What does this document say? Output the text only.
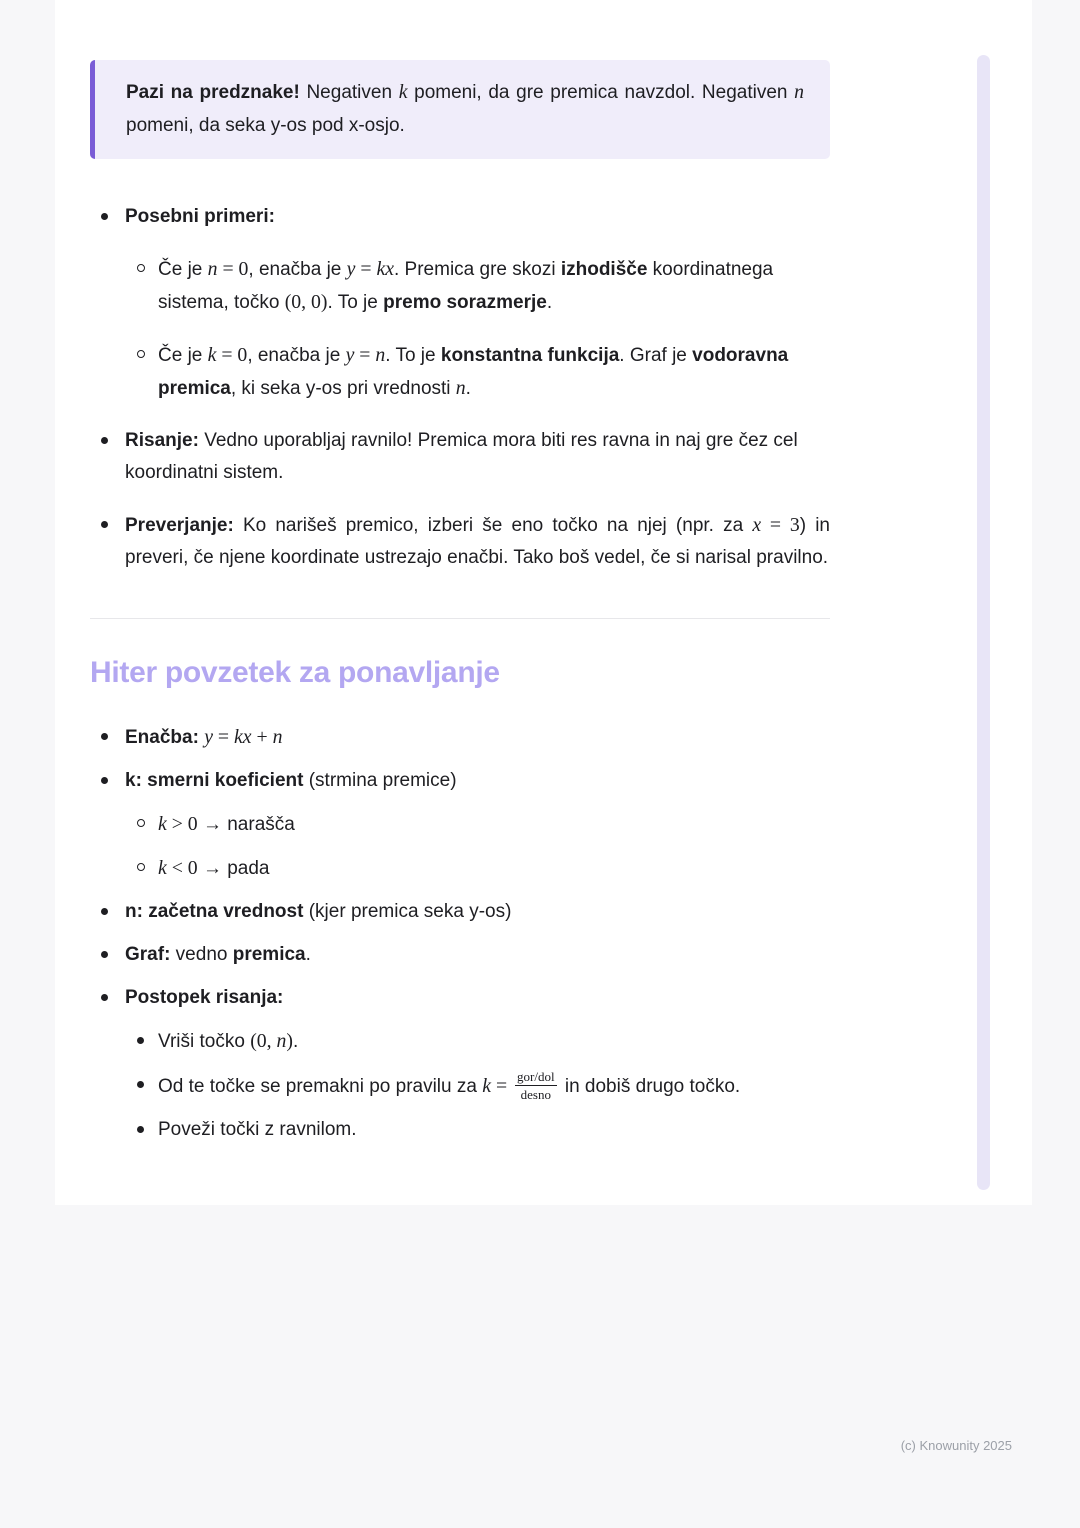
Pazi na predznake! Negativen k pomeni, da gre premica navzdol. Negativen n pomeni, da seka y-os pod x-osjo.

Posebni primeri:
Če je n = 0, enačba je y = kx. Premica gre skozi izhodišče koordinatnega sistema, točko (0, 0). To je premo sorazmerje.
Če je k = 0, enačba je y = n. To je konstantna funkcija. Graf je vodoravna premica, ki seka y-os pri vrednosti n.
Risanje: Vedno uporabljaj ravnilo! Premica mora biti res ravna in naj gre čez cel koordinatni sistem.
Preverjanje: Ko narišeš premico, izberi še eno točko na njej (npr. za x = 3) in preveri, če njene koordinate ustrezajo enačbi. Tako boš vedel, če si narisal pravilno.
Hiter povzetek za ponavljanje
Enačba: y = kx + n
k: smerni koeficient (strmina premice)
k > 0 → narašča
k < 0 → pada
n: začetna vrednost (kjer premica seka y-os)
Graf: vedno premica.
Postopek risanja:
Vriši točko (0, n).
Od te točke se premakni po pravilu za $k = \frac{\text{gor/dol}}{\text{desno}}$ in dobiš drugo točko.
Poveži točki z ravnilom.
(c) Knowunity 2025
